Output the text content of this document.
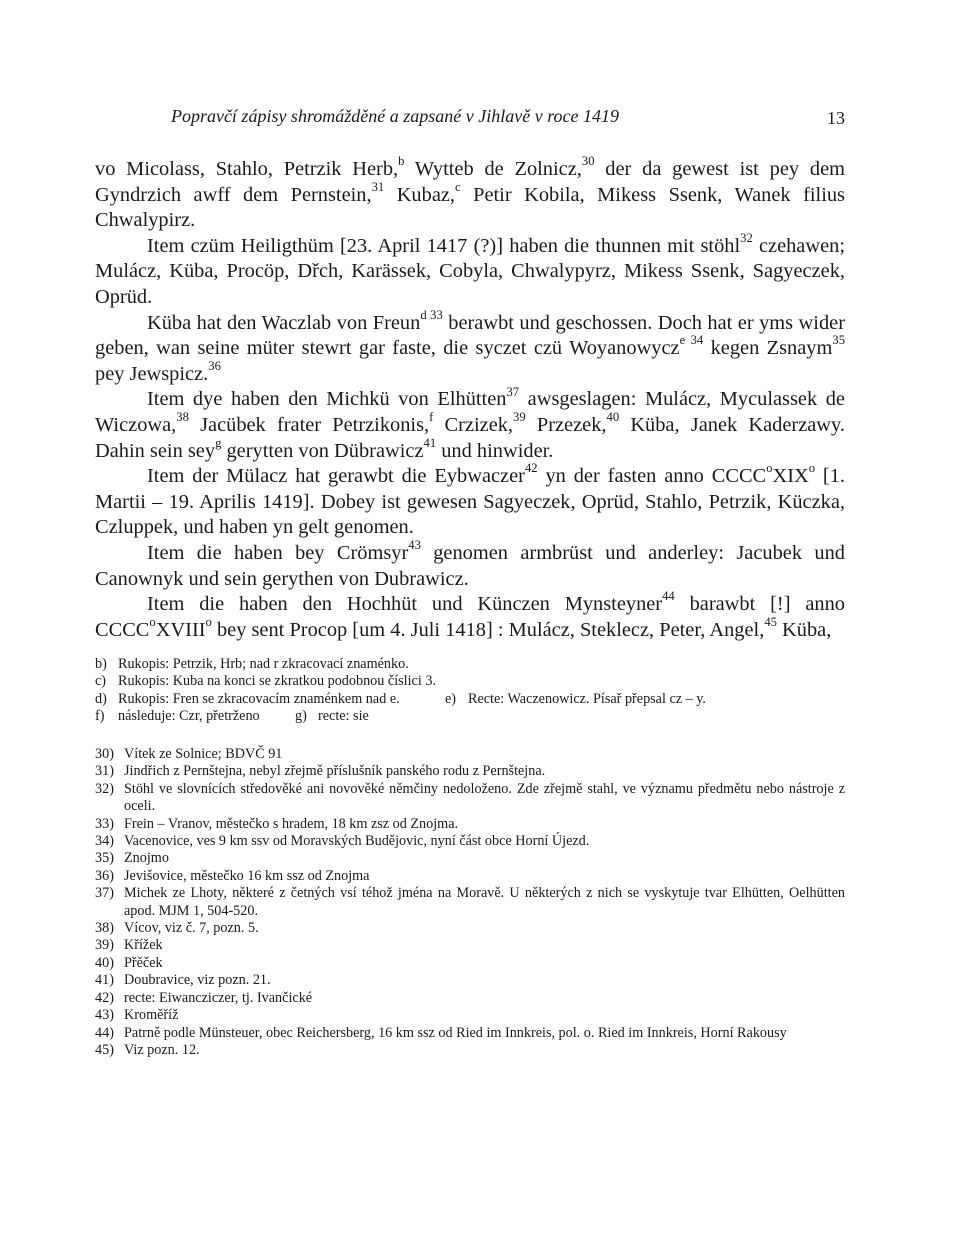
Popravčí zápisy shromážděné a zapsané v Jihlavě v roce 1419	13

vo Micolass, Stahlo, Petrzik Herb,$^b$ Wytteb de Zolnicz,$^{30}$ der da gewest ist pey dem Gyndrzich awff dem Pernstein,$^{31}$ Kubaz,$^c$ Petir Kobila, Mikess Ssenk, Wanek filius Chwalypirz.

Item czüm Heiligthüm [23. April 1417 (?)] haben die thunnen mit stöhl$^{32}$ czehawen; Mulácz, Küba, Procöp, Dřch, Karässek, Cobyla, Chwalypyrz, Mikess Ssenk, Sagyeczek, Oprüd.

Küba hat den Waczlab von Freun$^{d 33}$ berawbt und geschossen. Doch hat er yms wider geben, wan seine müter stewrt gar faste, die syczet czü Woyanowycz$^{e 34}$ kegen Zsnaym$^{35}$ pey Jewspicz.$^{36}$

Item dye haben den Michkü von Elhütten$^{37}$ awsgeslagen: Mulácz, Myculassek de Wiczowa,$^{38}$ Jacübek frater Petrzikonis,$^f$ Crzizek,$^{39}$ Przezek,$^{40}$ Küba, Janek Kaderzawy. Dahin sein sey$^g$ gerytten von Dübrawicz$^{41}$ und hinwider.

Item der Mülacz hat gerawbt die Eybwaczer$^{42}$ yn der fasten anno CCCC$^o$XIX$^o$ [1. Martii – 19. Aprilis 1419]. Dobey ist gewesen Sagyeczek, Oprüd, Stahlo, Petrzik, Küczka, Czluppek, und haben yn gelt genomen.

Item die haben bey Crömsyr$^{43}$ genomen armbrüst und anderley: Jacubek und Canownyk und sein gerythen von Dubrawicz.

Item die haben den Hochhüt und Künczen Mynsteyner$^{44}$ barawbt [!] anno CCCC$^o$XVIII$^o$ bey sent Procop [um 4. Juli 1418] : Mulácz, Steklecz, Peter, Angel,$^{45}$ Küba,

b) Rukopis: Petrzik, Hrb; nad r zkracovací znaménko.
c) Rukopis: Kuba na konci se zkratkou podobnou číslici 3.
d) Rukopis: Fren se zkracovacím znaménkem nad e.	e) Recte: Waczenowicz. Písař přepsal cz – y.
f) následuje: Czr, přetrženo g) recte: sie
30) Vítek ze Solnice; BDVČ 91
31) Jindřich z Pernštejna, nebyl zřejmě příslušník panského rodu z Pernštejna.
32) Stöhl ve slovnících středověké ani novověké němčiny nedoloženo. Zde zřejmě stahl, ve významu předmětu nebo nástroje z oceli.
33) Frein – Vranov, městečko s hradem, 18 km zsz od Znojma.
34) Vacenovice, ves 9 km ssv od Moravských Budějovic, nyní část obce Horní Újezd.
35) Znojmo
36) Jevišovice, městečko 16 km ssz od Znojma
37) Michek ze Lhoty, některé z četných vsí téhož jména na Moravě. U některých z nich se vyskytuje tvar Elhütten, Oelhütten apod. MJM 1, 504-520.
38) Vícov, viz č. 7, pozn. 5.
39) Křížek
40) Přěček
41) Doubravice, viz pozn. 21.
42) recte: Eiwancziczer, tj. Ivančické
43) Kroměříž
44) Patrně podle Münsteuer, obec Reichersberg, 16 km ssz od Ried im Innkreis, pol. o. Ried im Innkreis, Horní Rakousy
45) Viz pozn. 12.
